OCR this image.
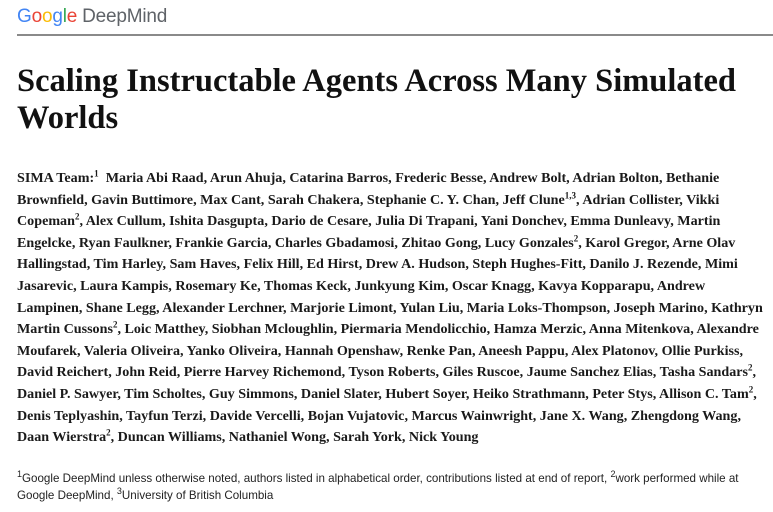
Google DeepMind
Scaling Instructable Agents Across Many Simulated Worlds

SIMA Team:$^1$ Maria Abi Raad, Arun Ahuja, Catarina Barros, Frederic Besse, Andrew Bolt, Adrian Bolton, Bethanie Brownfield, Gavin Buttimore, Max Cant, Sarah Chakera, Stephanie C. Y. Chan, Jeff Clune$^{1,3}$, Adrian Collister, Vikki Copeman$^2$, Alex Cullum, Ishita Dasgupta, Dario de Cesare, Julia Di Trapani, Yani Donchev, Emma Dunleavy, Martin Engelcke, Ryan Faulkner, Frankie Garcia, Charles Gbadamosi, Zhitao Gong, Lucy Gonzales$^2$, Karol Gregor, Arne Olav Hallingstad, Tim Harley, Sam Haves, Felix Hill, Ed Hirst, Drew A. Hudson, Steph Hughes-Fitt, Danilo J. Rezende, Mimi Jasarevic, Laura Kampis, Rosemary Ke, Thomas Keck, Junkyung Kim, Oscar Knagg, Kavya Kopparapu, Andrew Lampinen, Shane Legg, Alexander Lerchner, Marjorie Limont, Yulan Liu, Maria Loks-Thompson, Joseph Marino, Kathryn Martin Cussons$^2$, Loic Matthey, Siobhan Mcloughlin, Piermaria Mendolicchio, Hamza Merzic, Anna Mitenkova, Alexandre Moufarek, Valeria Oliveira, Yanko Oliveira, Hannah Openshaw, Renke Pan, Aneesh Pappu, Alex Platonov, Ollie Purkiss, David Reichert, John Reid, Pierre Harvey Richemond, Tyson Roberts, Giles Ruscoe, Jaume Sanchez Elias, Tasha Sandars$^2$, Daniel P. Sawyer, Tim Scholtes, Guy Simmons, Daniel Slater, Hubert Soyer, Heiko Strathmann, Peter Stys, Allison C. Tam$^2$, Denis Teplyashin, Tayfun Terzi, Davide Vercelli, Bojan Vujatovic, Marcus Wainwright, Jane X. Wang, Zhengdong Wang, Daan Wierstra$^2$, Duncan Williams, Nathaniel Wong, Sarah York, Nick Young

$^1$Google DeepMind unless otherwise noted, authors listed in alphabetical order, contributions listed at end of report, $^2$work performed while at Google DeepMind, $^3$University of British Columbia
